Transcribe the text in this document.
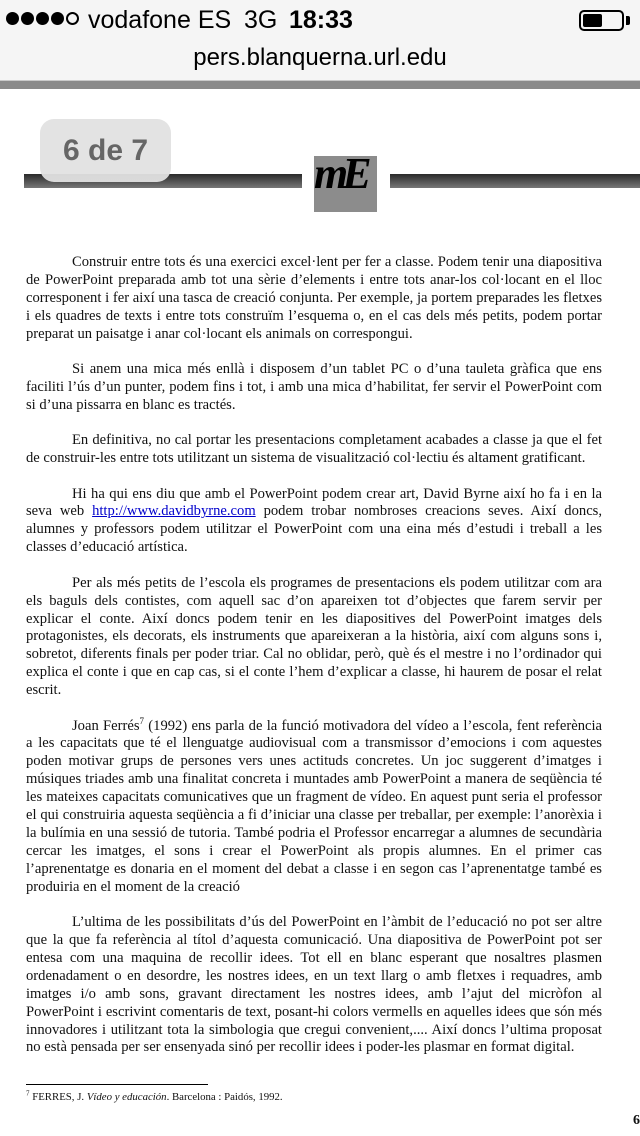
vodafone ES 3G 18:33
pers.blanquerna.url.edu
mE
6 de 7

Construir entre tots és una exercici excel·lent per fer a classe. Podem tenir una diapositiva de PowerPoint preparada amb tot una sèrie d’elements i entre tots anar-los col·locant en el lloc corresponent i fer així una tasca de creació conjunta. Per exemple, ja portem preparades les fletxes i els quadres de texts i entre tots construïm l’esquema o, en el cas dels més petits, podem portar preparat un paisatge i anar col·locant els animals on correspongui.

Si anem una mica més enllà i disposem d’un tablet PC o d’una tauleta gràfica que ens faciliti l’ús d’un punter, podem fins i tot, i amb una mica d’habilitat, fer servir el PowerPoint com si d’una pissarra en blanc es tractés.

En definitiva, no cal portar les presentacions completament acabades a classe ja que el fet de construir-les entre tots utilitzant un sistema de visualització col·lectiu és altament gratificant.

Hi ha qui ens diu que amb el PowerPoint podem crear art, David Byrne així ho fa i en la seva web http://www.davidbyrne.com podem trobar nombroses creacions seves. Així doncs, alumnes y professors podem utilitzar el PowerPoint com una eina més d’estudi i treball a les classes d’educació artística.

Per als més petits de l’escola els programes de presentacions els podem utilitzar com ara els baguls dels contistes, com aquell sac d’on apareixen tot d’objectes que farem servir per explicar el conte. Així doncs podem tenir en les diapositives del PowerPoint imatges dels protagonistes, els decorats, els instruments que apareixeran a la història, així com alguns sons i, sobretot, diferents finals per poder triar. Cal no oblidar, però, què és el mestre i no l’ordinador qui explica el conte i que en cap cas, si el conte l’hem d’explicar a classe, hi haurem de posar el relat escrit.

Joan Ferrés$^7$ (1992) ens parla de la funció motivadora del vídeo a l’escola, fent referència a les capacitats que té el llenguatge audiovisual com a transmissor d’emocions i com aquestes poden motivar grups de persones vers unes actituds concretes. Un joc suggerent d’imatges i músiques triades amb una finalitat concreta i muntades amb PowerPoint a manera de seqüència té les mateixes capacitats comunicatives que un fragment de vídeo. En aquest punt seria el professor el qui construiria aquesta seqüència a fi d’iniciar una classe per treballar, per exemple: l’anorèxia i la bulímia en una sessió de tutoria. També podria el Professor encarregar a alumnes de secundària cercar les imatges, el sons i crear el PowerPoint als propis alumnes. En el primer cas l’aprenentatge es donaria en el moment del debat a classe i en segon cas l’aprenentatge també es produiria en el moment de la creació

L’ultima de les possibilitats d’ús del PowerPoint en l’àmbit de l’educació no pot ser altre que la que fa referència al títol d’aquesta comunicació. Una diapositiva de PowerPoint pot ser entesa com una maquina de recollir idees. Tot ell en blanc esperant que nosaltres plasmen ordenadament o en desordre, les nostres idees, en un text llarg o amb fletxes i requadres, amb imatges i/o amb sons, gravant directament les nostres idees, amb l’ajut del micròfon al PowerPoint i escrivint comentaris de text, posant-hi colors vermells en aquelles idees que són més innovadores i utilitzant tota la simbologia que cregui convenient,.... Així doncs l’ultima proposat no està pensada per ser ensenyada sinó per recollir idees i poder-les plasmar en format digital.

$^7$ FERRES, J. Vídeo y educación. Barcelona : Paidós, 1992.
6
